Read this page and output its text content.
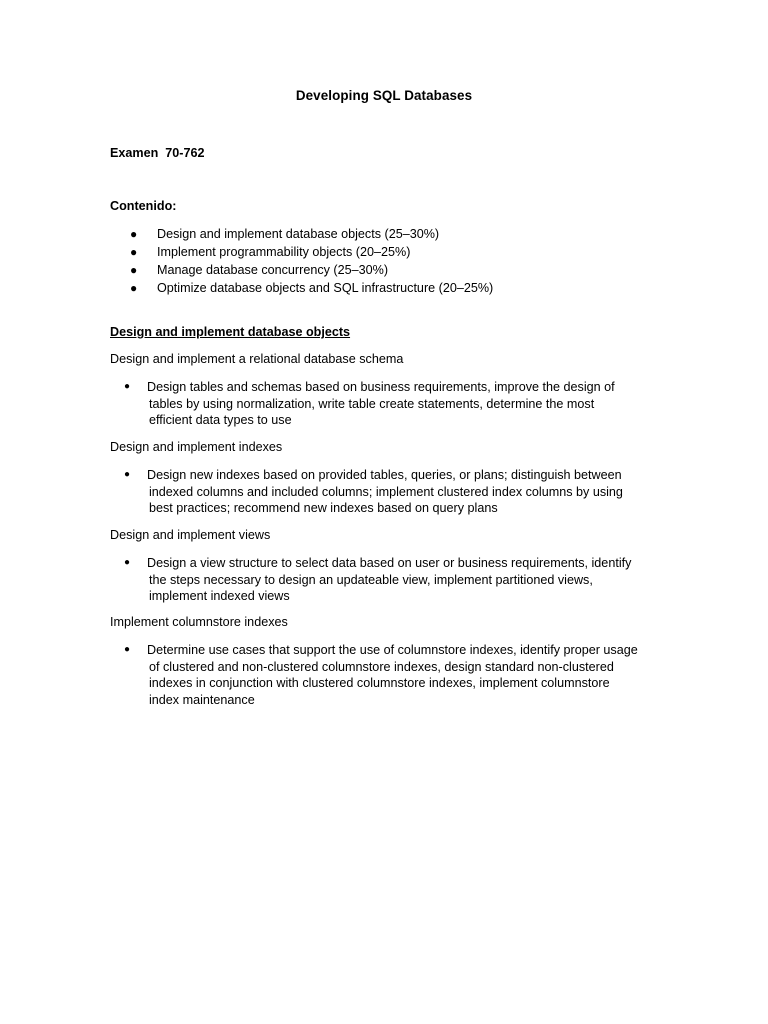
Developing SQL Databases
Examen  70-762
Contenido:
● Design and implement database objects (25–30%)
● Implement programmability objects (20–25%)
● Manage database concurrency (25–30%)
● Optimize database objects and SQL infrastructure (20–25%)
Design and implement database objects
Design and implement a relational database schema
● Design tables and schemas based on business requirements, improve the design of
tables by using normalization, write table create statements, determine the most
efficient data types to use
Design and implement indexes
● Design new indexes based on provided tables, queries, or plans; distinguish between
indexed columns and included columns; implement clustered index columns by using
best practices; recommend new indexes based on query plans
Design and implement views
● Design a view structure to select data based on user or business requirements, identify
the steps necessary to design an updateable view, implement partitioned views,
implement indexed views
Implement columnstore indexes
● Determine use cases that support the use of columnstore indexes, identify proper usage
of clustered and non-clustered columnstore indexes, design standard non-clustered
indexes in conjunction with clustered columnstore indexes, implement columnstore
index maintenance
